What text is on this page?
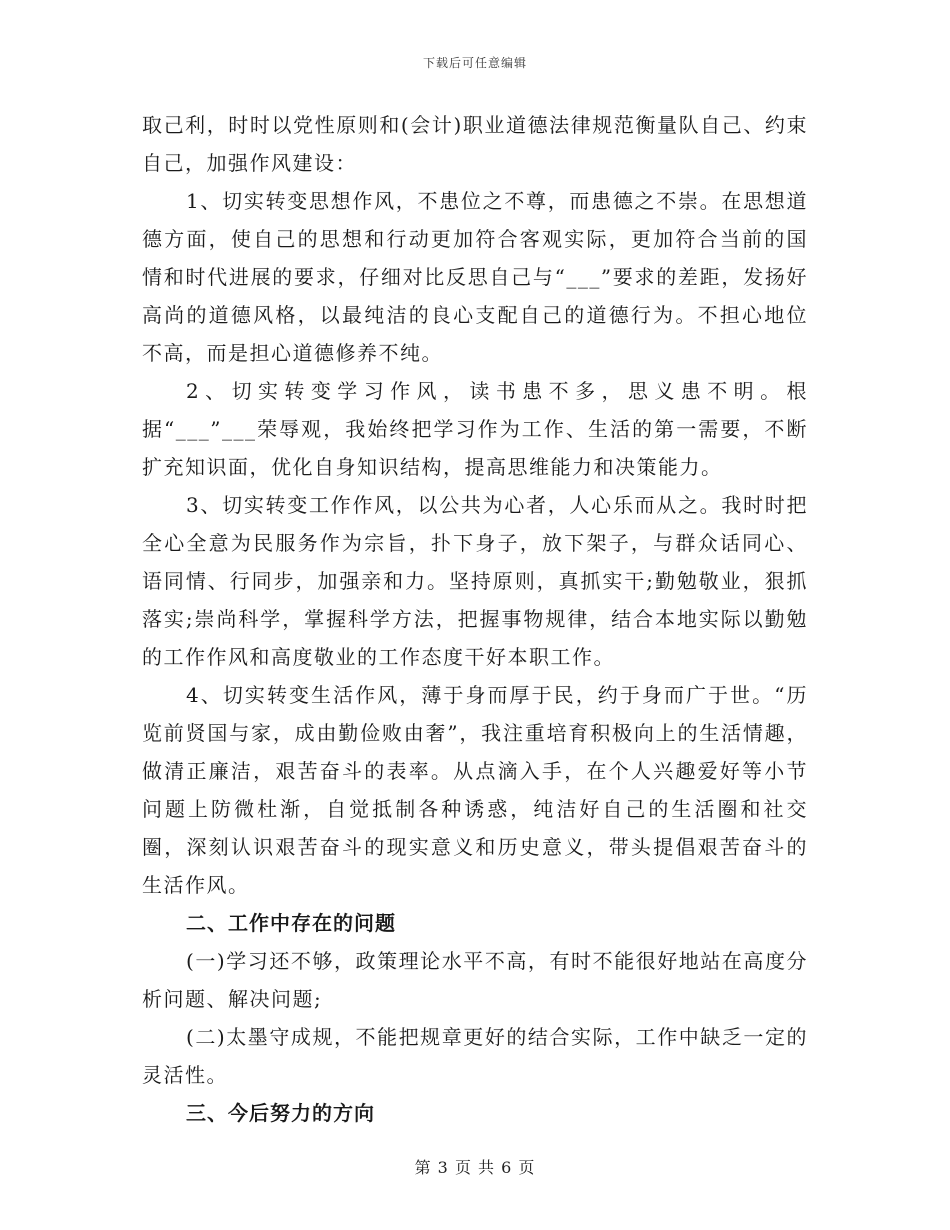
下载后可任意编辑

取己利，时时以党性原则和(会计)职业道德法律规范衡量队自己、约束自己，加强作风建设：

1、切实转变思想作风，不患位之不尊，而患德之不崇。在思想道德方面，使自己的思想和行动更加符合客观实际，更加符合当前的国情和时代进展的要求，仔细对比反思自己与“___”要求的差距，发扬好高尚的道德风格，以最纯洁的良心支配自己的道德行为。不担心地位不高，而是担心道德修养不纯。

2、切实转变学习作风，读书患不多，思义患不明。根据“___”___荣辱观，我始终把学习作为工作、生活的第一需要，不断扩充知识面，优化自身知识结构，提高思维能力和决策能力。

3、切实转变工作作风，以公共为心者，人心乐而从之。我时时把全心全意为民服务作为宗旨，扑下身子，放下架子，与群众话同心、语同情、行同步，加强亲和力。坚持原则，真抓实干;勤勉敬业，狠抓落实;崇尚科学，掌握科学方法，把握事物规律，结合本地实际以勤勉的工作作风和高度敬业的工作态度干好本职工作。

4、切实转变生活作风，薄于身而厚于民，约于身而广于世。“历览前贤国与家，成由勤俭败由奢”，我注重培育积极向上的生活情趣，做清正廉洁，艰苦奋斗的表率。从点滴入手，在个人兴趣爱好等小节问题上防微杜渐，自觉抵制各种诱惑，纯洁好自己的生活圈和社交圈，深刻认识艰苦奋斗的现实意义和历史意义，带头提倡艰苦奋斗的生活作风。

二、工作中存在的问题

(一)学习还不够，政策理论水平不高，有时不能很好地站在高度分析问题、解决问题;

(二)太墨守成规，不能把规章更好的结合实际，工作中缺乏一定的灵活性。

三、今后努力的方向
第 3 页 共 6 页
